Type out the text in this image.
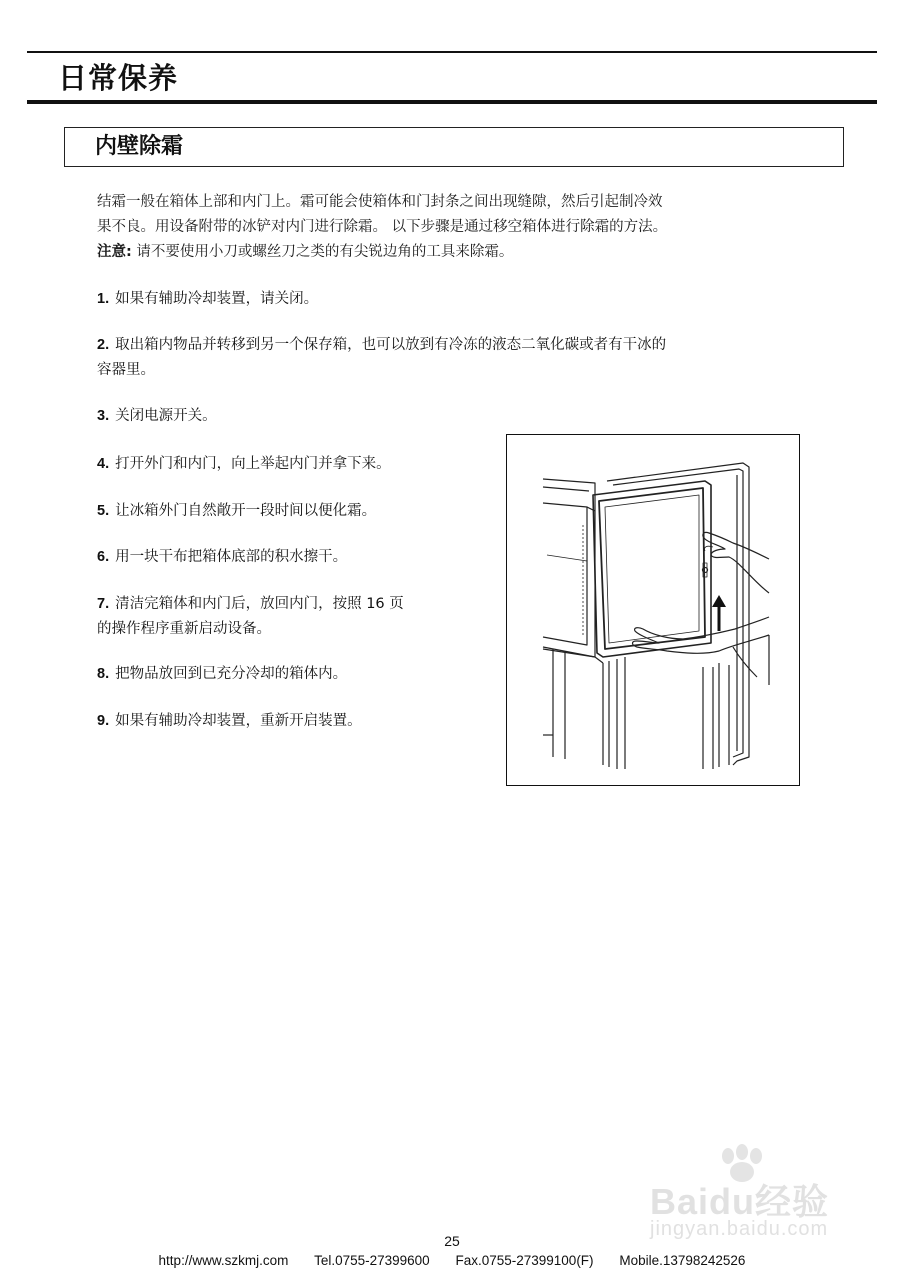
日常保养
内壁除霜

结霜一般在箱体上部和内门上。霜可能会使箱体和门封条之间出现缝隙，然后引起制冷效

果不良。用设备附带的冰铲对内门进行除霜。 以下步骤是通过移空箱体进行除霜的方法。

注意: 请不要使用小刀或螺丝刀之类的有尖锐边角的工具来除霜。

1. 如果有辅助冷却装置，请关闭。
2. 取出箱内物品并转移到另一个保存箱，也可以放到有冷冻的液态二氧化碳或者有干冰的
容器里。
3. 关闭电源开关。
4. 打开外门和内门，向上举起内门并拿下来。
5. 让冰箱外门自然敞开一段时间以便化霜。
6. 用一块干布把箱体底部的积水擦干。
7. 清洁完箱体和内门后，放回内门，按照 16 页
的操作程序重新启动设备。
8. 把物品放回到已充分冷却的箱体内。
9. 如果有辅助冷却装置，重新开启装置。
Baidu经验
jingyan.baidu.com
25
http://www.szkmj.com Tel.0755-27399600 Fax.0755-27399100(F) Mobile.13798242526
